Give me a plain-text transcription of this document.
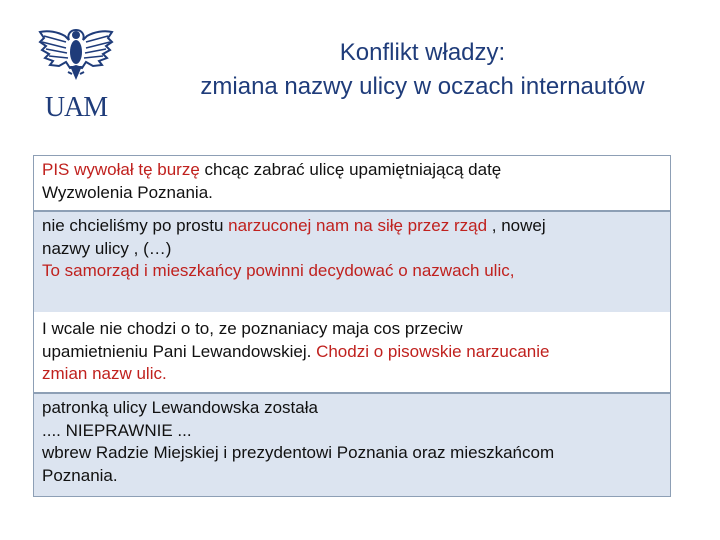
UAM
Konflikt władzy:
zmiana nazwy ulicy w oczach internautów
PIS wywołał tę burzę chcąc zabrać ulicę upamiętniającą datę
Wyzwolenia Poznania.
nie chcieliśmy po prostu narzuconej nam na siłę przez rząd , nowej
nazwy ulicy , (…)
To samorząd i mieszkańcy powinni decydować o nazwach ulic,
I wcale nie chodzi o to, ze poznaniacy maja cos przeciw
upamietnieniu Pani Lewandowskiej. Chodzi o pisowskie narzucanie
zmian nazw ulic.
patronką ulicy Lewandowska została
.... NIEPRAWNIE ...
wbrew Radzie Miejskiej i prezydentowi Poznania oraz mieszkańcom
Poznania.
